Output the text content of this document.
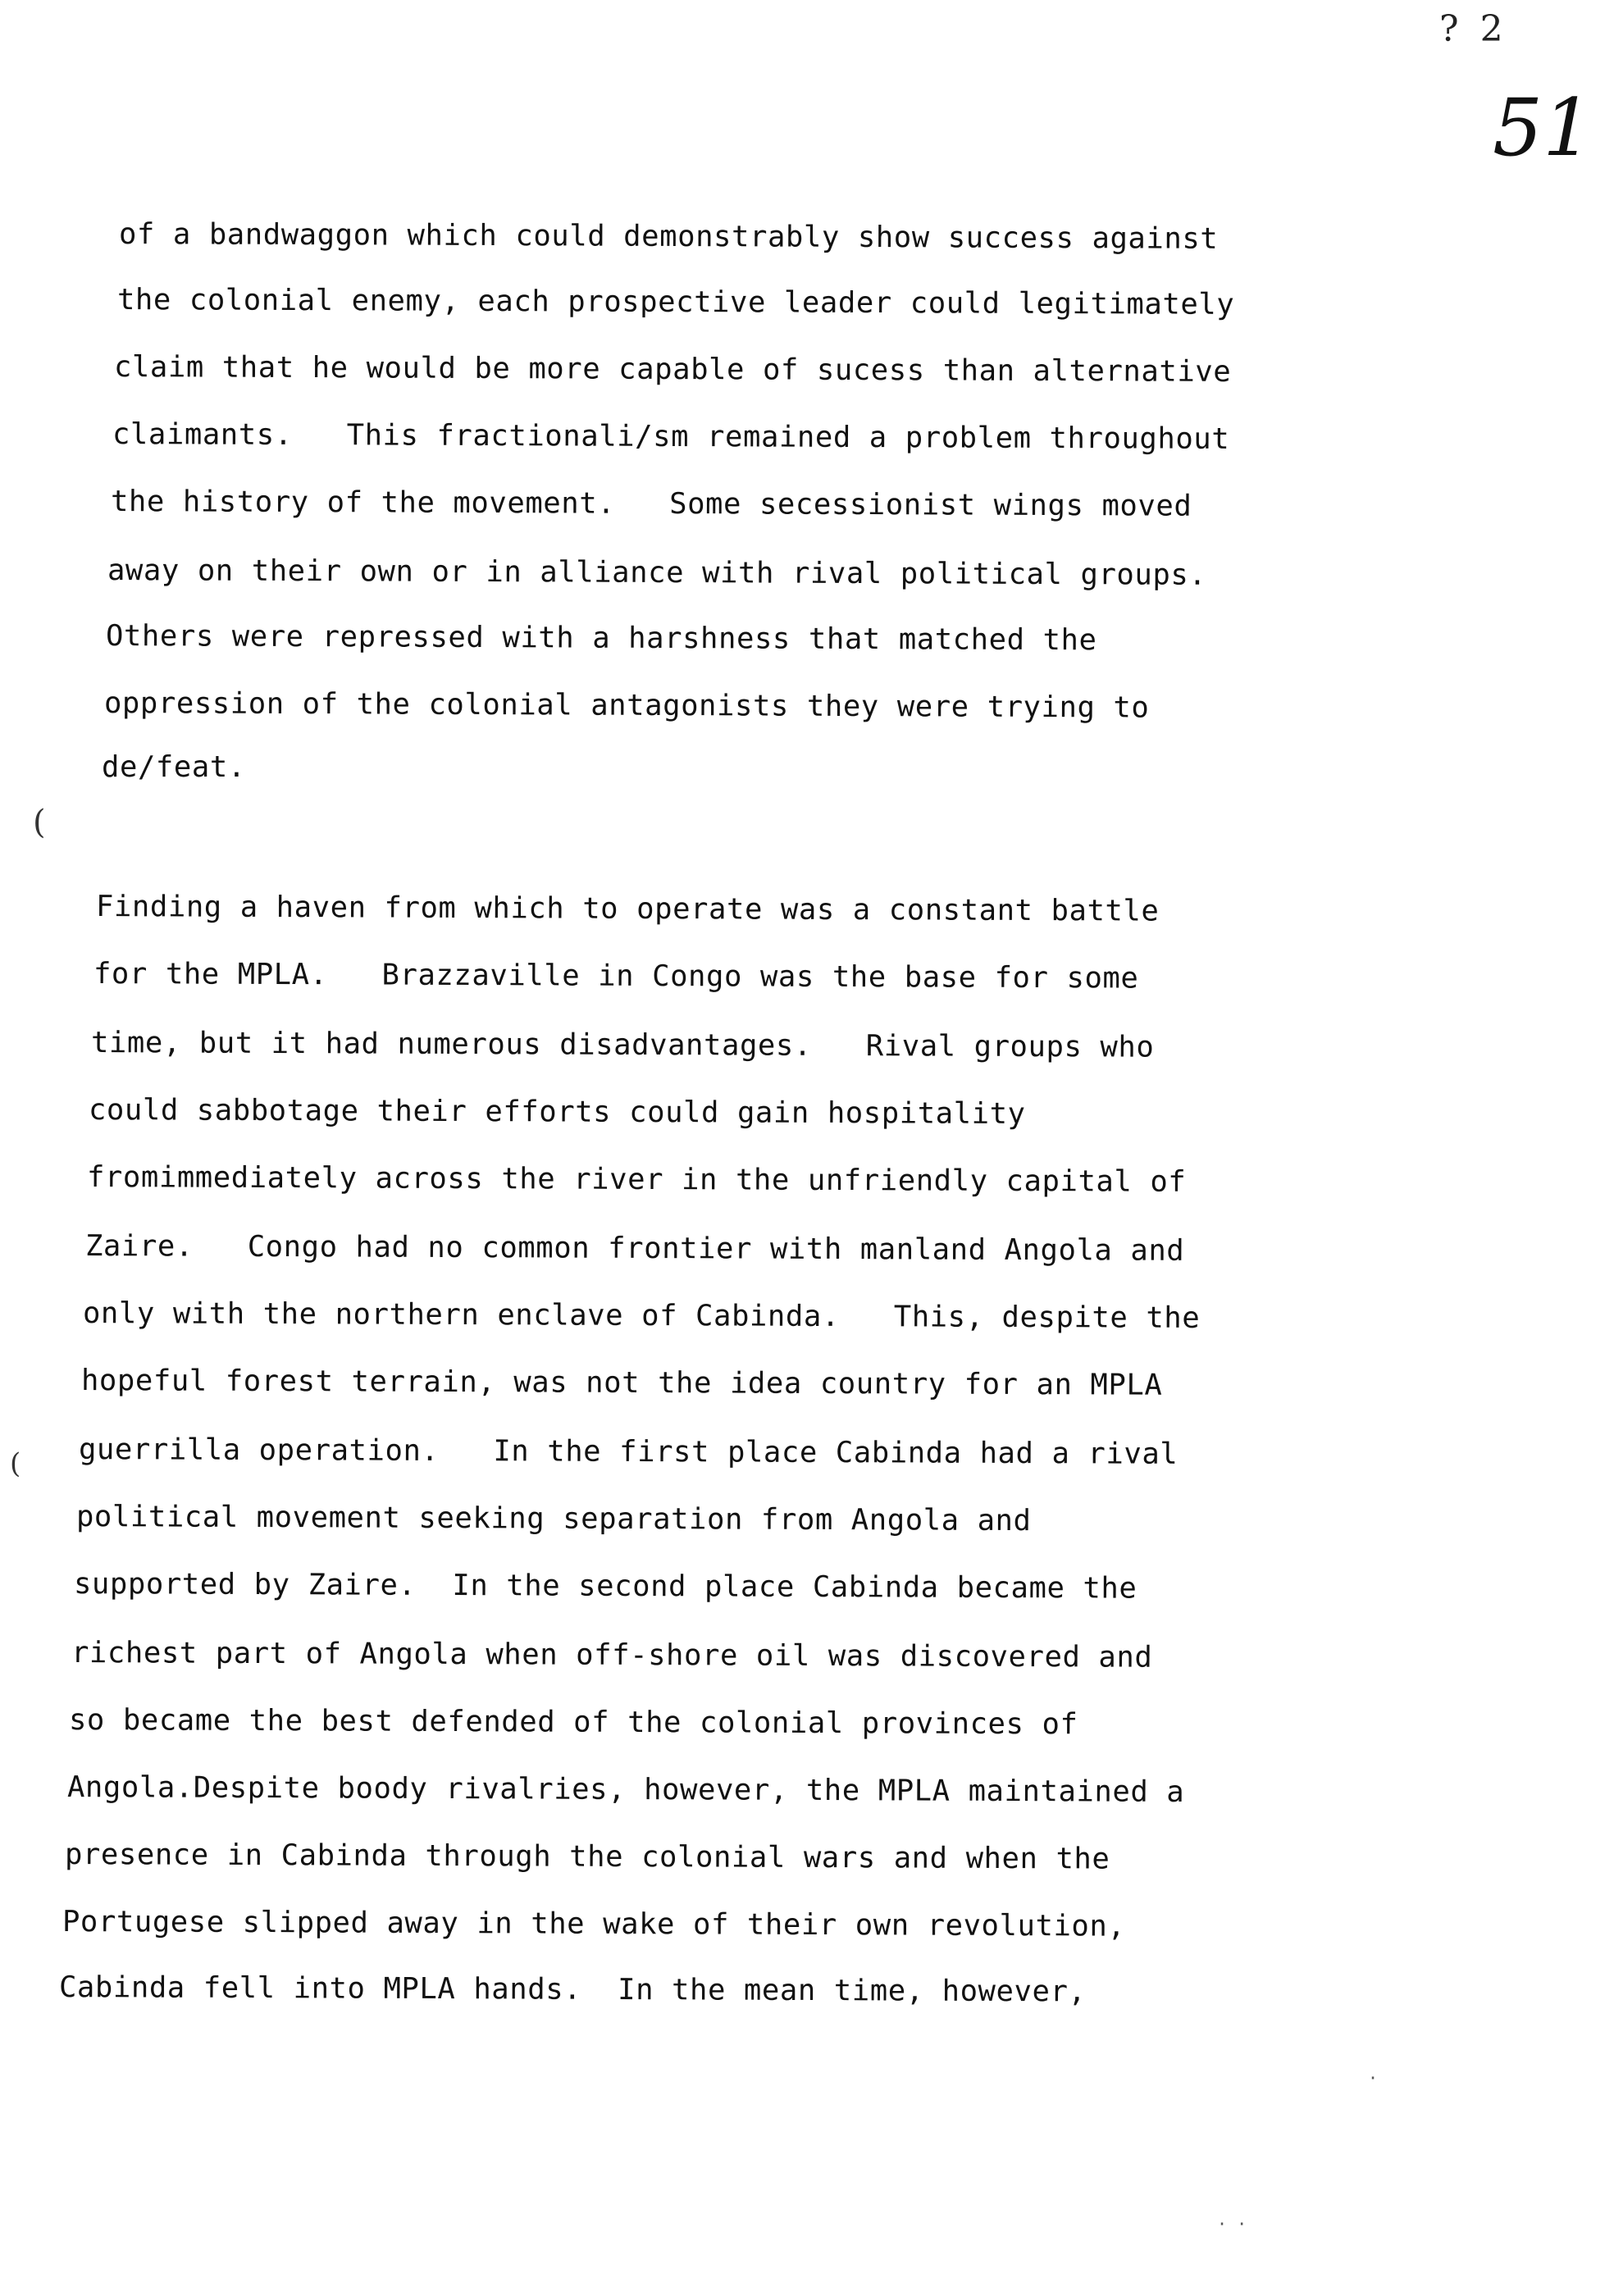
? 2
51
(
(
·
· ·
of a bandwaggon which could demonstrably show success against
the colonial enemy, each prospective leader could legitimately
claim that he would be more capable of sucess than alternative
claimants.   This fractionali/sm remained a problem throughout
the history of the movement.   Some secessionist wings moved
away on their own or in alliance with rival political groups.
Others were repressed with a harshness that matched the
oppression of the colonial antagonists they were trying to
de/feat.
Finding a haven from which to operate was a constant battle
for the MPLA.   Brazzaville in Congo was the base for some
time, but it had numerous disadvantages.   Rival groups who
could sabbotage their efforts could gain hospitality
fromimmediately across the river in the unfriendly capital of
Zaire.   Congo had no common frontier with manland Angola and
only with the northern enclave of Cabinda.   This, despite the
hopeful forest terrain, was not the idea country for an MPLA
guerrilla operation.   In the first place Cabinda had a rival
political movement seeking separation from Angola and
supported by Zaire.  In the second place Cabinda became the
richest part of Angola when off-shore oil was discovered and
so became the best defended of the colonial provinces of
Angola.Despite boody rivalries, however, the MPLA maintained a
presence in Cabinda through the colonial wars and when the
Portugese slipped away in the wake of their own revolution,
Cabinda fell into MPLA hands.  In the mean time, however,
